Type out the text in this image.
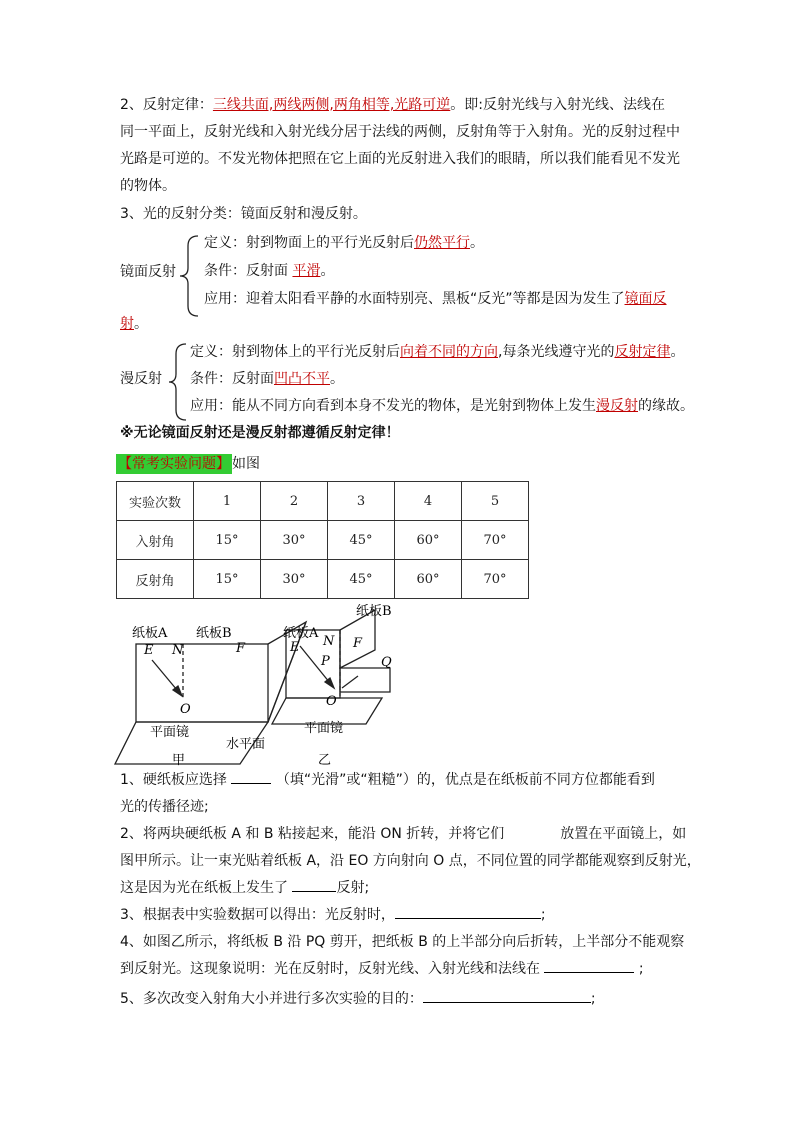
2、反射定律：三线共面,两线两侧,两角相等,光路可逆。即:反射光线与入射光线、法线在
同一平面上，反射光线和入射光线分居于法线的两侧，反射角等于入射角。光的反射过程中
光路是可逆的。不发光物体把照在它上面的光反射进入我们的眼睛，所以我们能看见不发光
的物体。
3、光的反射分类：镜面反射和漫反射。
镜面反射
定义：射到物面上的平行光反射后仍然平行。
条件：反射面 平滑。
应用：迎着太阳看平静的水面特别亮、黑板“反光”等都是因为发生了镜面反
射。
漫反射
定义：射到物体上的平行光反射后向着不同的方向,每条光线遵守光的反射定律。
条件：反射面凹凸不平。
应用：能从不同方向看到本身不发光的物体，是光射到物体上发生漫反射的缘故。
※无论镜面反射还是漫反射都遵循反射定律！
【常考实验问题】 如图
实验次数	1	2	3	4	5
入射角	15°	30°	45°	60°	70°
反射角	15°	30°	45°	60°	70°
纸板A 纸板B
E N	F
O
平面镜
水平面
甲
纸板B
纸板A
E N F
P	Q
O
平面镜
乙
1、硬纸板应选择	（填“光滑”或“粗糙”）的，优点是在纸板前不同方位都能看到
光的传播径迹;
2、将两块硬纸板 A 和 B 粘接起来，能沿 ON 折转，并将它们	放置在平面镜上，如
图甲所示。让一束光贴着纸板 A，沿 EO 方向射向 O 点，不同位置的同学都能观察到反射光，
这是因为光在纸板上发生了	反射;
3、根据表中实验数据可以得出：光反射时，	;
4、如图乙所示，将纸板 B 沿 PQ 剪开，把纸板 B 的上半部分向后折转，上半部分不能观察
到反射光。这现象说明：光在反射时，反射光线、入射光线和法线在	;
5、多次改变入射角大小并进行多次实验的目的：	;
